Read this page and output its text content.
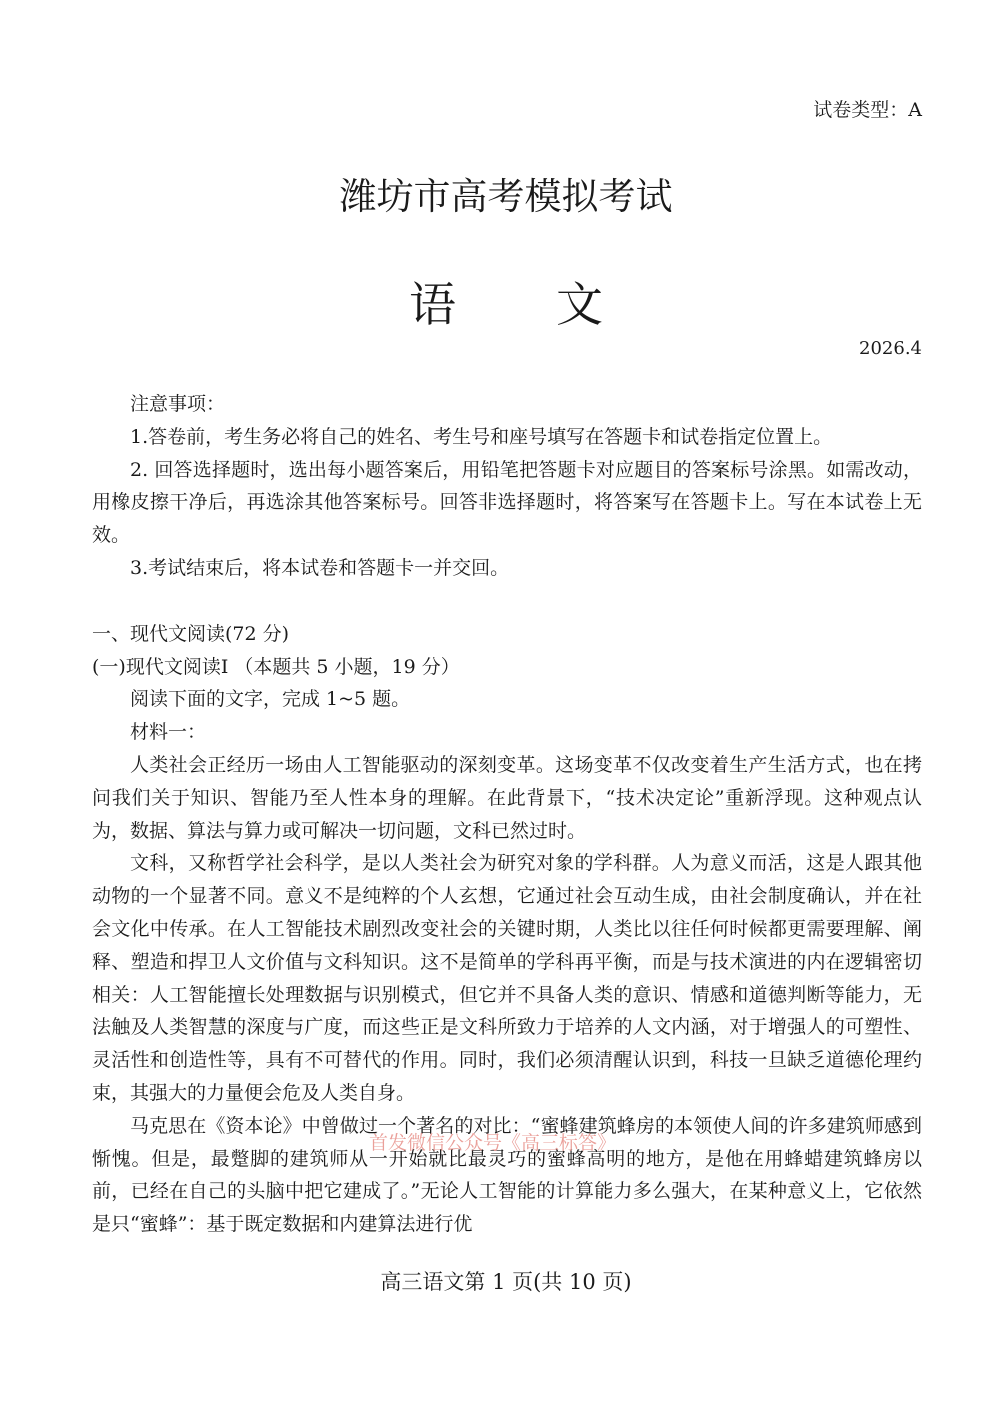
试卷类型：A
潍坊市高考模拟考试
语 文
2026.4

注意事项：

1.答卷前，考生务必将自己的姓名、考生号和座号填写在答题卡和试卷指定位置上。

2. 回答选择题时，选出每小题答案后，用铅笔把答题卡对应题目的答案标号涂黑。如需改动，用橡皮擦干净后，再选涂其他答案标号。回答非选择题时，将答案写在答题卡上。写在本试卷上无效。

3.考试结束后，将本试卷和答题卡一并交回。

一、现代文阅读(72 分)

(一)现代文阅读Ⅰ （本题共 5 小题，19 分）

阅读下面的文字，完成 1~5 题。

材料一：

人类社会正经历一场由人工智能驱动的深刻变革。这场变革不仅改变着生产生活方式，也在拷问我们关于知识、智能乃至人性本身的理解。在此背景下，“技术决定论”重新浮现。这种观点认为，数据、算法与算力或可解决一切问题，文科已然过时。

文科，又称哲学社会科学，是以人类社会为研究对象的学科群。人为意义而活，这是人跟其他动物的一个显著不同。意义不是纯粹的个人玄想，它通过社会互动生成，由社会制度确认，并在社会文化中传承。在人工智能技术剧烈改变社会的关键时期，人类比以往任何时候都更需要理解、阐释、塑造和捍卫人文价值与文科知识。这不是简单的学科再平衡，而是与技术演进的内在逻辑密切相关：人工智能擅长处理数据与识别模式，但它并不具备人类的意识、情感和道德判断等能力，无法触及人类智慧的深度与广度，而这些正是文科所致力于培养的人文内涵，对于增强人的可塑性、灵活性和创造性等，具有不可替代的作用。同时，我们必须清醒认识到，科技一旦缺乏道德伦理约束，其强大的力量便会危及人类自身。

马克思在《资本论》中曾做过一个著名的对比：“蜜蜂建筑蜂房的本领使人间的许多建筑师感到惭愧。但是，最蹩脚的建筑师从一开始就比最灵巧的蜜蜂高明的地方，是他在用蜂蜡建筑蜂房以前，已经在自己的头脑中把它建成了。”无论人工智能的计算能力多么强大，在某种意义上，它依然是只“蜜蜂”：基于既定数据和内建算法进行优

首发微信公众号《高三标答》
高三语文第 1 页(共 10 页)
